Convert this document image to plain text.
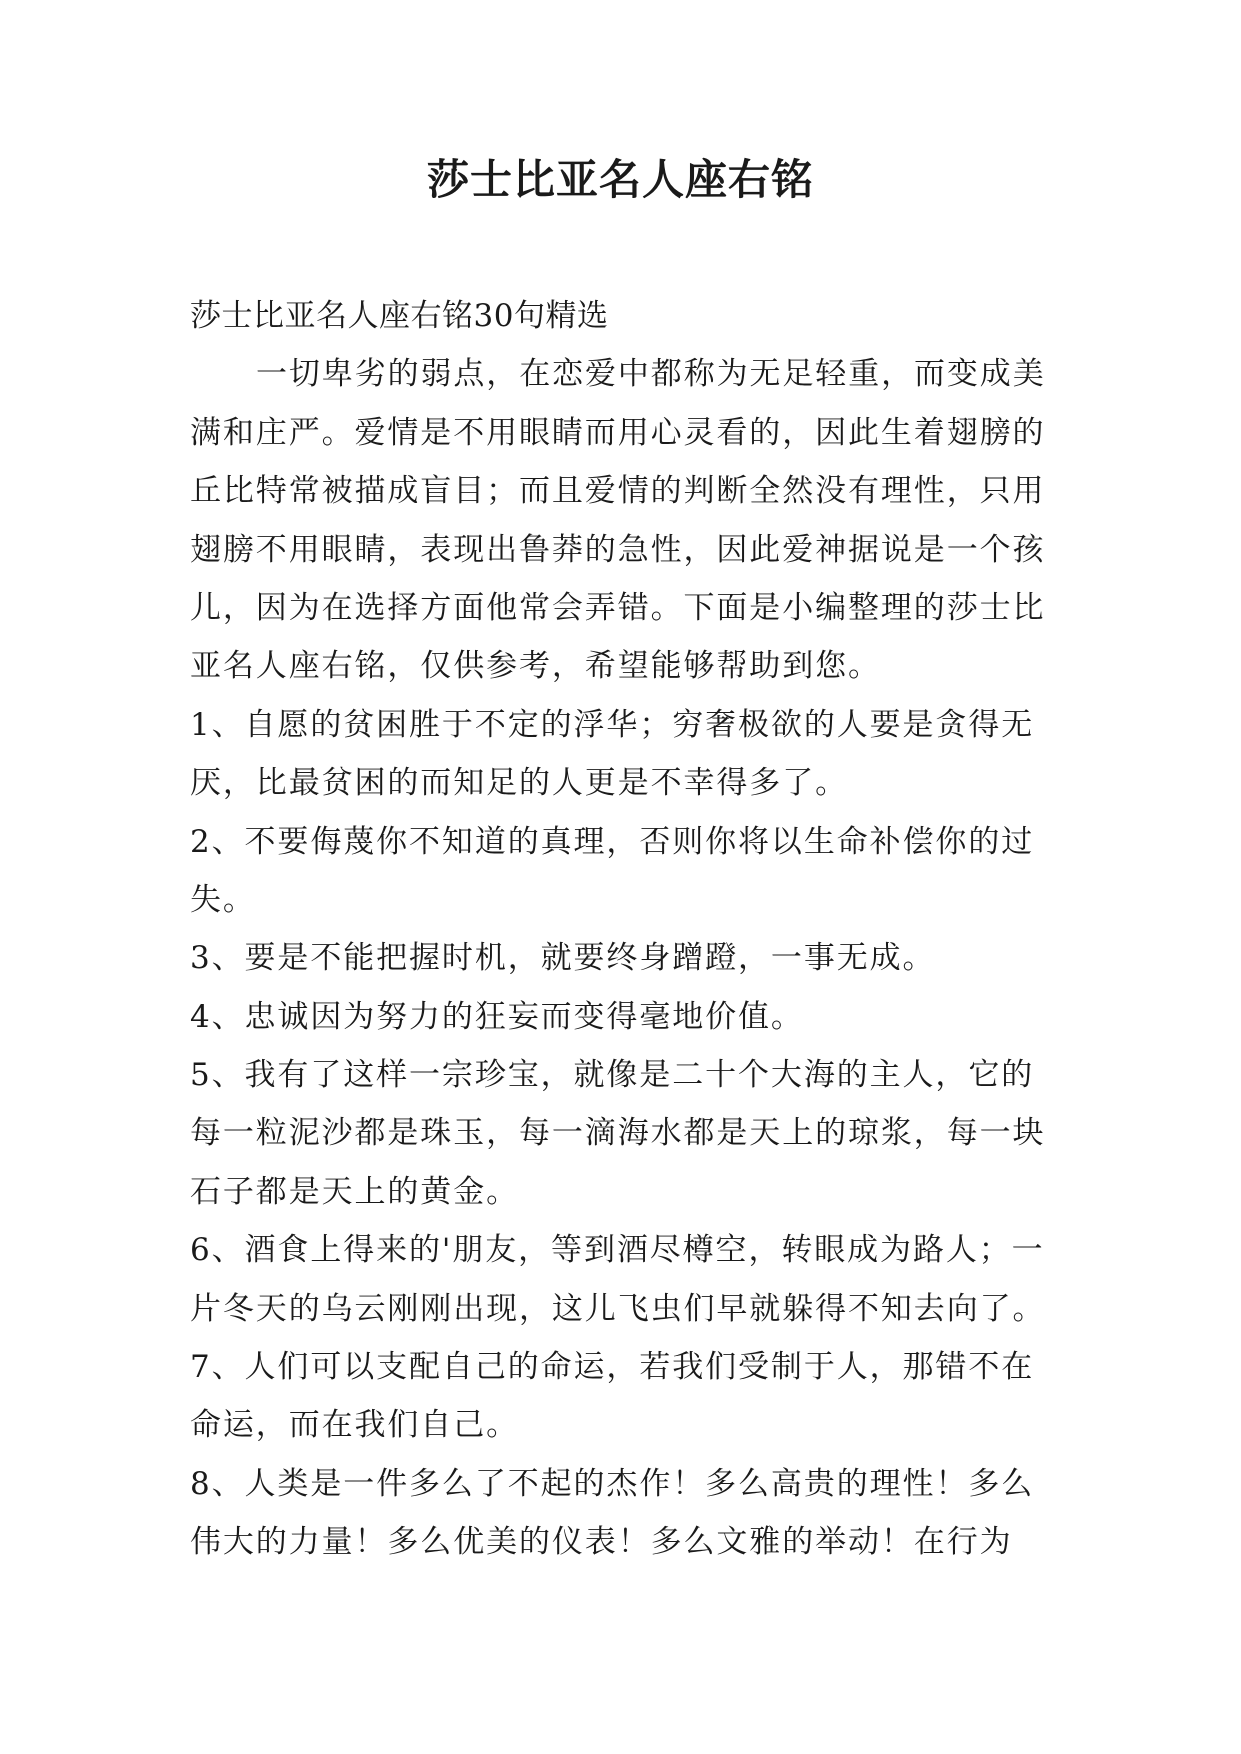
莎士比亚名人座右铭
莎士比亚名人座右铭30句精选
一切卑劣的弱点，在恋爱中都称为无足轻重，而变成美
满和庄严。爱情是不用眼睛而用心灵看的，因此生着翅膀的
丘比特常被描成盲目；而且爱情的判断全然没有理性，只用
翅膀不用眼睛，表现出鲁莽的急性，因此爱神据说是一个孩
儿，因为在选择方面他常会弄错。下面是小编整理的莎士比
亚名人座右铭，仅供参考，希望能够帮助到您。
1、自愿的贫困胜于不定的浮华；穷奢极欲的人要是贪得无
厌，比最贫困的而知足的人更是不幸得多了。
2、不要侮蔑你不知道的真理，否则你将以生命补偿你的过
失。
3、要是不能把握时机，就要终身蹭蹬，一事无成。
4、忠诚因为努力的狂妄而变得毫地价值。
5、我有了这样一宗珍宝，就像是二十个大海的主人，它的
每一粒泥沙都是珠玉，每一滴海水都是天上的琼浆，每一块
石子都是天上的黄金。
6、酒食上得来的'朋友，等到酒尽樽空，转眼成为路人；一
片冬天的乌云刚刚出现，这儿飞虫们早就躲得不知去向了。
7、人们可以支配自己的命运，若我们受制于人，那错不在
命运，而在我们自己。
8、人类是一件多么了不起的杰作！多么高贵的理性！多么
伟大的力量！多么优美的仪表！多么文雅的举动！在行为
